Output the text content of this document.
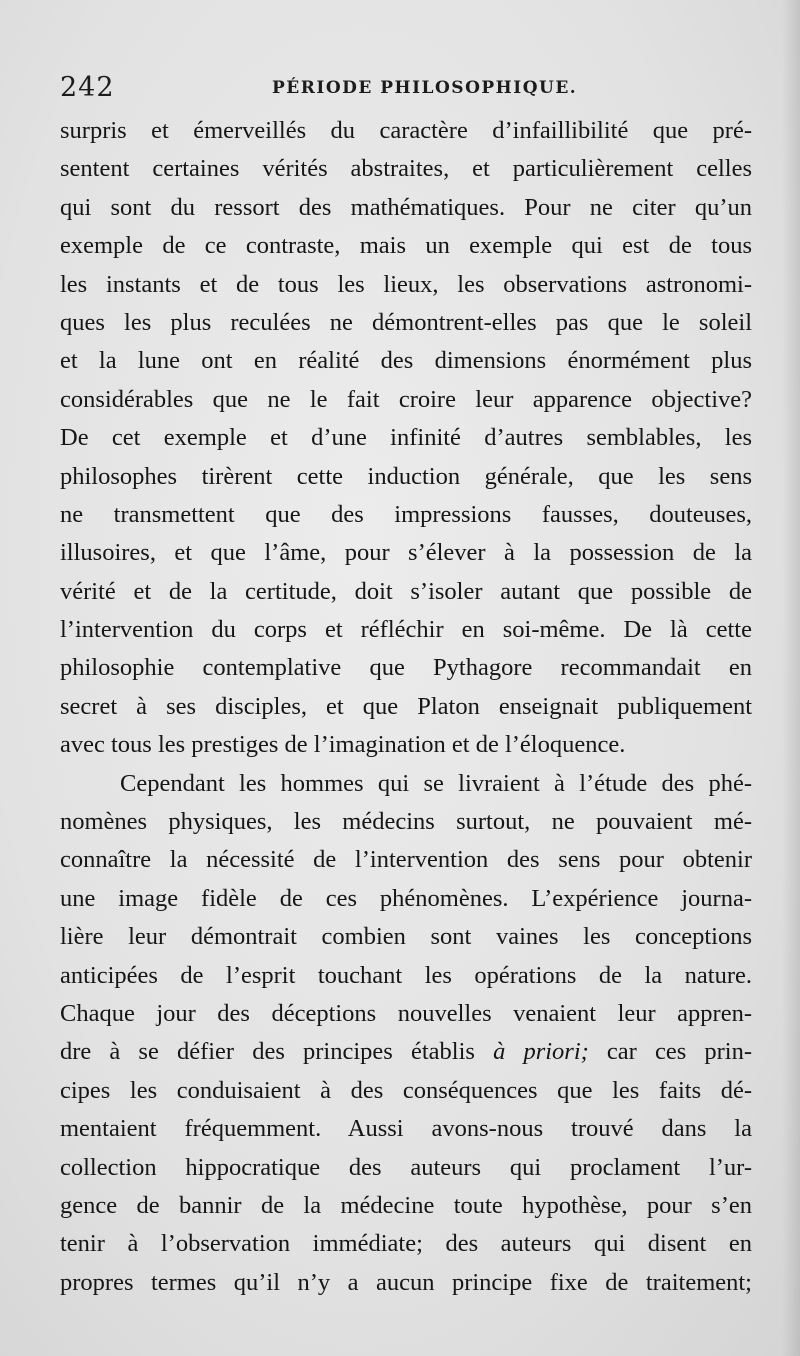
242	PÉRIODE PHILOSOPHIQUE.
surpris et émerveillés du caractère d’infaillibilité que pré-
sentent certaines vérités abstraites, et particulièrement celles
qui sont du ressort des mathématiques. Pour ne citer qu’un
exemple de ce contraste, mais un exemple qui est de tous
les instants et de tous les lieux, les observations astronomi-
ques les plus reculées ne démontrent-elles pas que le soleil
et la lune ont en réalité des dimensions énormément plus
considérables que ne le fait croire leur apparence objective?
De cet exemple et d’une infinité d’autres semblables, les
philosophes tirèrent cette induction générale, que les sens
ne transmettent que des impressions fausses, douteuses,
illusoires, et que l’âme, pour s’élever à la possession de la
vérité et de la certitude, doit s’isoler autant que possible de
l’intervention du corps et réfléchir en soi-même. De là cette
philosophie contemplative que Pythagore recommandait en
secret à ses disciples, et que Platon enseignait publiquement
avec tous les prestiges de l’imagination et de l’éloquence.
Cependant les hommes qui se livraient à l’étude des phé-
nomènes physiques, les médecins surtout, ne pouvaient mé-
connaître la nécessité de l’intervention des sens pour obtenir
une image fidèle de ces phénomènes. L’expérience journa-
lière leur démontrait combien sont vaines les conceptions
anticipées de l’esprit touchant les opérations de la nature.
Chaque jour des déceptions nouvelles venaient leur appren-
dre à se défier des principes établis à priori; car ces prin-
cipes les conduisaient à des conséquences que les faits dé-
mentaient fréquemment. Aussi avons-nous trouvé dans la
collection hippocratique des auteurs qui proclament l’ur-
gence de bannir de la médecine toute hypothèse, pour s’en
tenir à l’observation immédiate; des auteurs qui disent en
propres termes qu’il n’y a aucun principe fixe de traitement;
